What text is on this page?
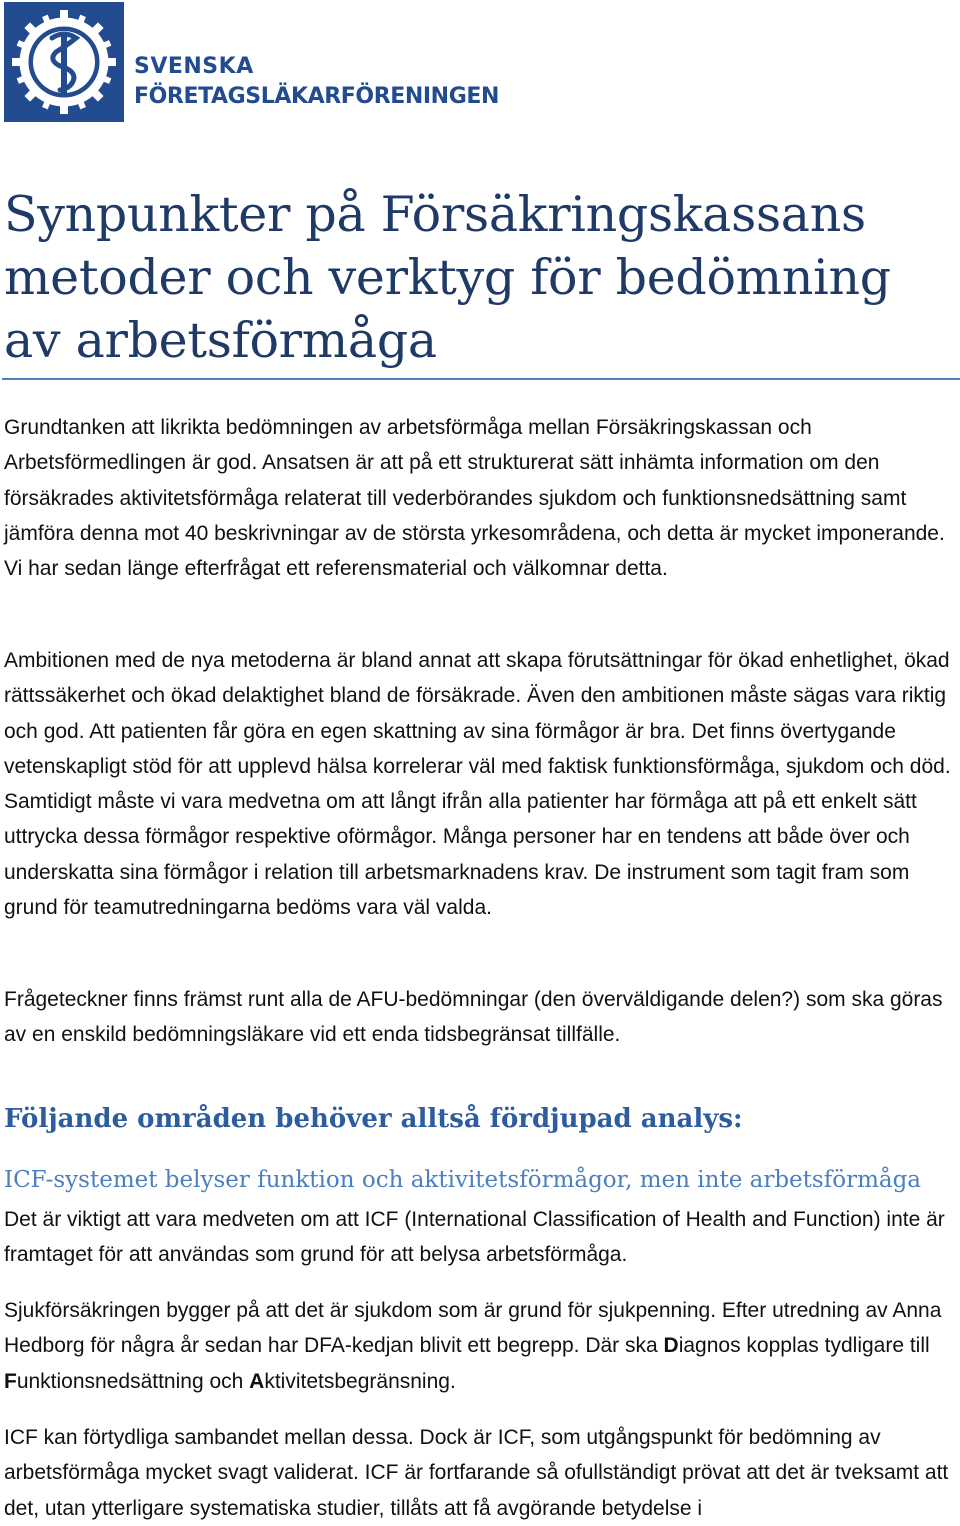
SVENSKA
FÖRETAGSLÄKARFÖRENINGEN
Synpunkter på Försäkringskassans metoder och verktyg för bedömning av arbetsförmåga

Grundtanken att likrikta bedömningen av arbetsförmåga mellan Försäkringskassan och Arbetsförmedlingen är god. Ansatsen är att på ett strukturerat sätt inhämta information om den försäkrades aktivitetsförmåga relaterat till vederbörandes sjukdom och funktionsnedsättning samt jämföra denna mot 40 beskrivningar av de största yrkesområdena, och detta är mycket imponerande. Vi har sedan länge efterfrågat ett referensmaterial och välkomnar detta.

Ambitionen med de nya metoderna är bland annat att skapa förutsättningar för ökad enhetlighet, ökad rättssäkerhet och ökad delaktighet bland de försäkrade. Även den ambitionen måste sägas vara riktig och god. Att patienten får göra en egen skattning av sina förmågor är bra. Det finns övertygande vetenskapligt stöd för att upplevd hälsa korrelerar väl med faktisk funktionsförmåga, sjukdom och död. Samtidigt måste vi vara medvetna om att långt ifrån alla patienter har förmåga att på ett enkelt sätt uttrycka dessa förmågor respektive oförmågor. Många personer har en tendens att både över och underskatta sina förmågor i relation till arbetsmarknadens krav. De instrument som tagit fram som grund för teamutredningarna bedöms vara väl valda.

Frågeteckner finns främst runt alla de AFU-bedömningar (den överväldigande delen?) som ska göras av en enskild bedömningsläkare vid ett enda tidsbegränsat tillfälle.

Följande områden behöver alltså fördjupad analys:
ICF-systemet belyser funktion och aktivitetsförmågor, men inte arbetsförmåga

Det är viktigt att vara medveten om att ICF (International Classification of Health and Function) inte är framtaget för att användas som grund för att belysa arbetsförmåga.

Sjukförsäkringen bygger på att det är sjukdom som är grund för sjukpenning. Efter utredning av Anna Hedborg för några år sedan har DFA-kedjan blivit ett begrepp. Där ska Diagnos kopplas tydligare till Funktionsnedsättning och Aktivitetsbegränsning.

ICF kan förtydliga sambandet mellan dessa. Dock är ICF, som utgångspunkt för bedömning av arbetsförmåga mycket svagt validerat. ICF är fortfarande så ofullständigt prövat att det är tveksamt att det, utan ytterligare systematiska studier, tillåts att få avgörande betydelse i
